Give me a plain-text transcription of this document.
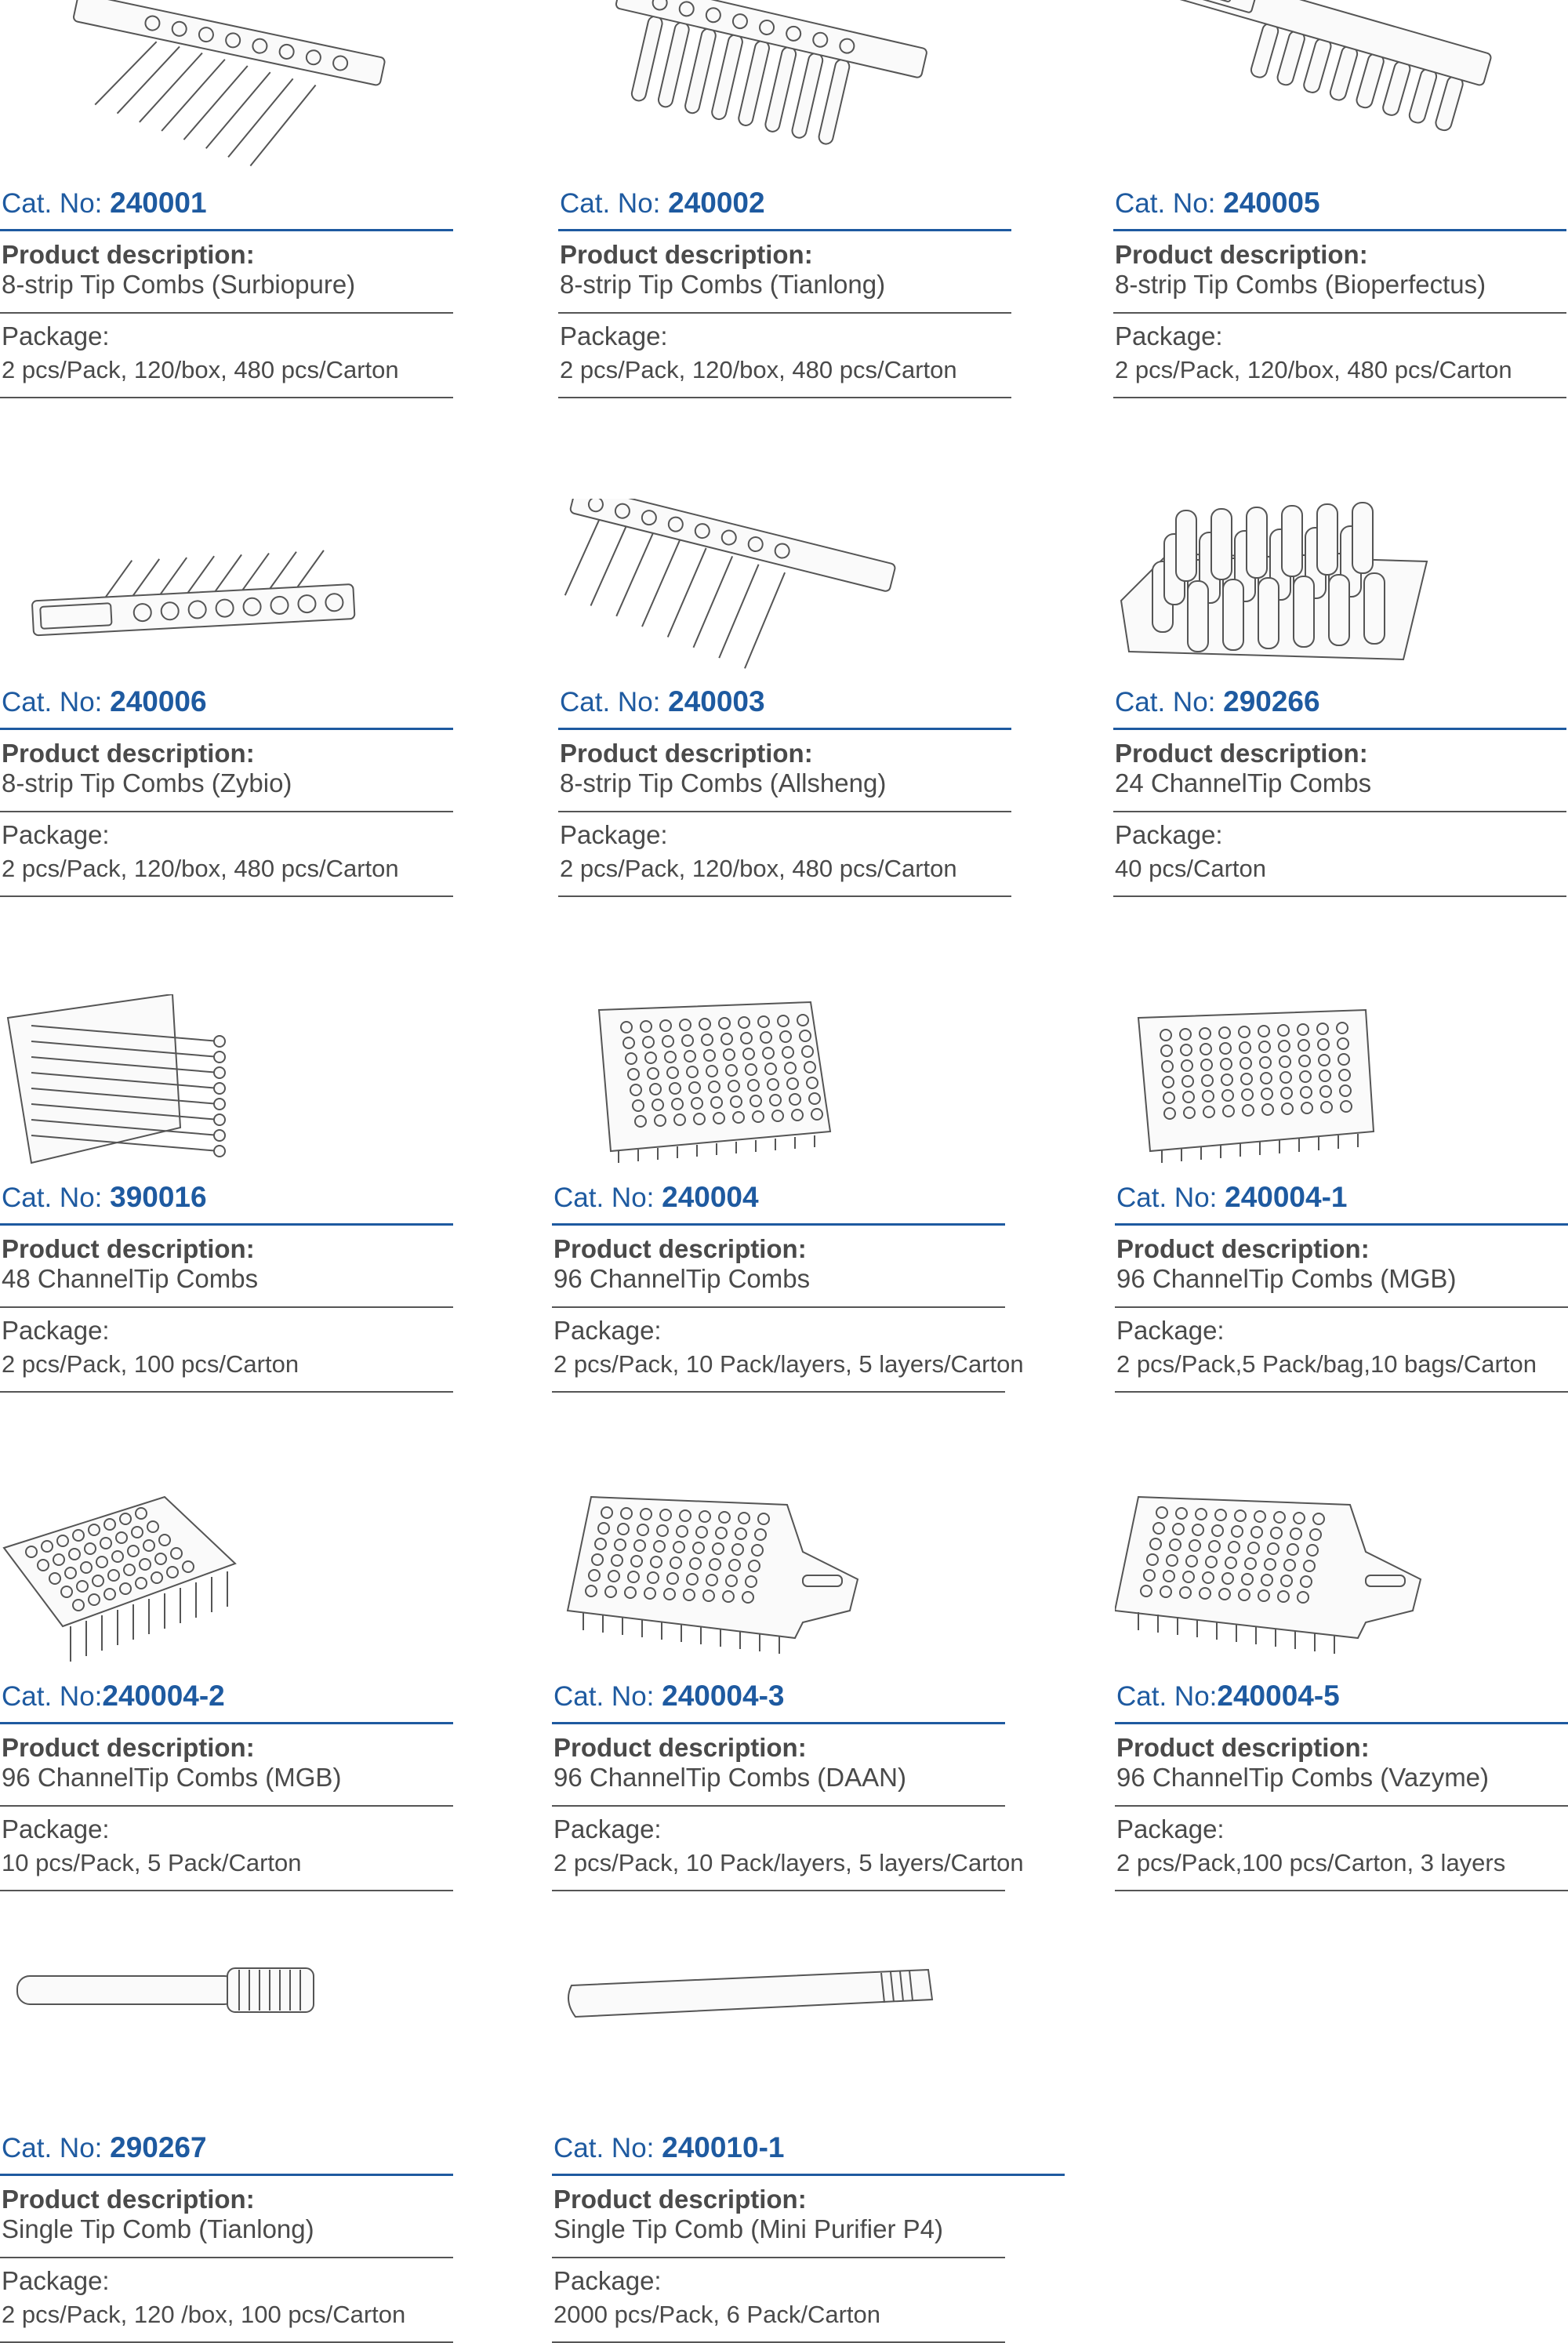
Cat. No: 240001
Product description:
8-strip Tip Combs (Surbiopure)
Package:
2 pcs/Pack, 120/box, 480 pcs/Carton
Cat. No: 240002
Product description:
8-strip Tip Combs (Tianlong)
Package:
2 pcs/Pack, 120/box, 480 pcs/Carton
Cat. No: 240005
Product description:
8-strip Tip Combs (Bioperfectus)
Package:
2 pcs/Pack, 120/box, 480 pcs/Carton
Cat. No: 240006
Product description:
8-strip Tip Combs (Zybio)
Package:
2 pcs/Pack, 120/box, 480 pcs/Carton
Cat. No: 240003
Product description:
8-strip Tip Combs (Allsheng)
Package:
2 pcs/Pack, 120/box, 480 pcs/Carton
Cat. No: 290266
Product description:
24 ChannelTip Combs
Package:
40 pcs/Carton
Cat. No: 390016
Product description:
48 ChannelTip Combs
Package:
2 pcs/Pack, 100 pcs/Carton
Cat. No: 240004
Product description:
96 ChannelTip Combs
Package:
2 pcs/Pack, 10 Pack/layers, 5 layers/Carton
Cat. No: 240004-1
Product description:
96 ChannelTip Combs (MGB)
Package:
2 pcs/Pack,5 Pack/bag,10 bags/Carton
Cat. No:240004-2
Product description:
96 ChannelTip Combs (MGB)
Package:
10 pcs/Pack, 5 Pack/Carton
Cat. No: 240004-3
Product description:
96 ChannelTip Combs (DAAN)
Package:
2 pcs/Pack, 10 Pack/layers, 5 layers/Carton
Cat. No:240004-5
Product description:
96 ChannelTip Combs (Vazyme)
Package:
2 pcs/Pack,100 pcs/Carton, 3 layers
Cat. No: 290267
Product description:
Single Tip Comb (Tianlong)
Package:
2 pcs/Pack, 120 /box, 100 pcs/Carton
Cat. No: 240010-1
Product description:
Single Tip Comb (Mini Purifier P4)
Package:
2000 pcs/Pack, 6 Pack/Carton
